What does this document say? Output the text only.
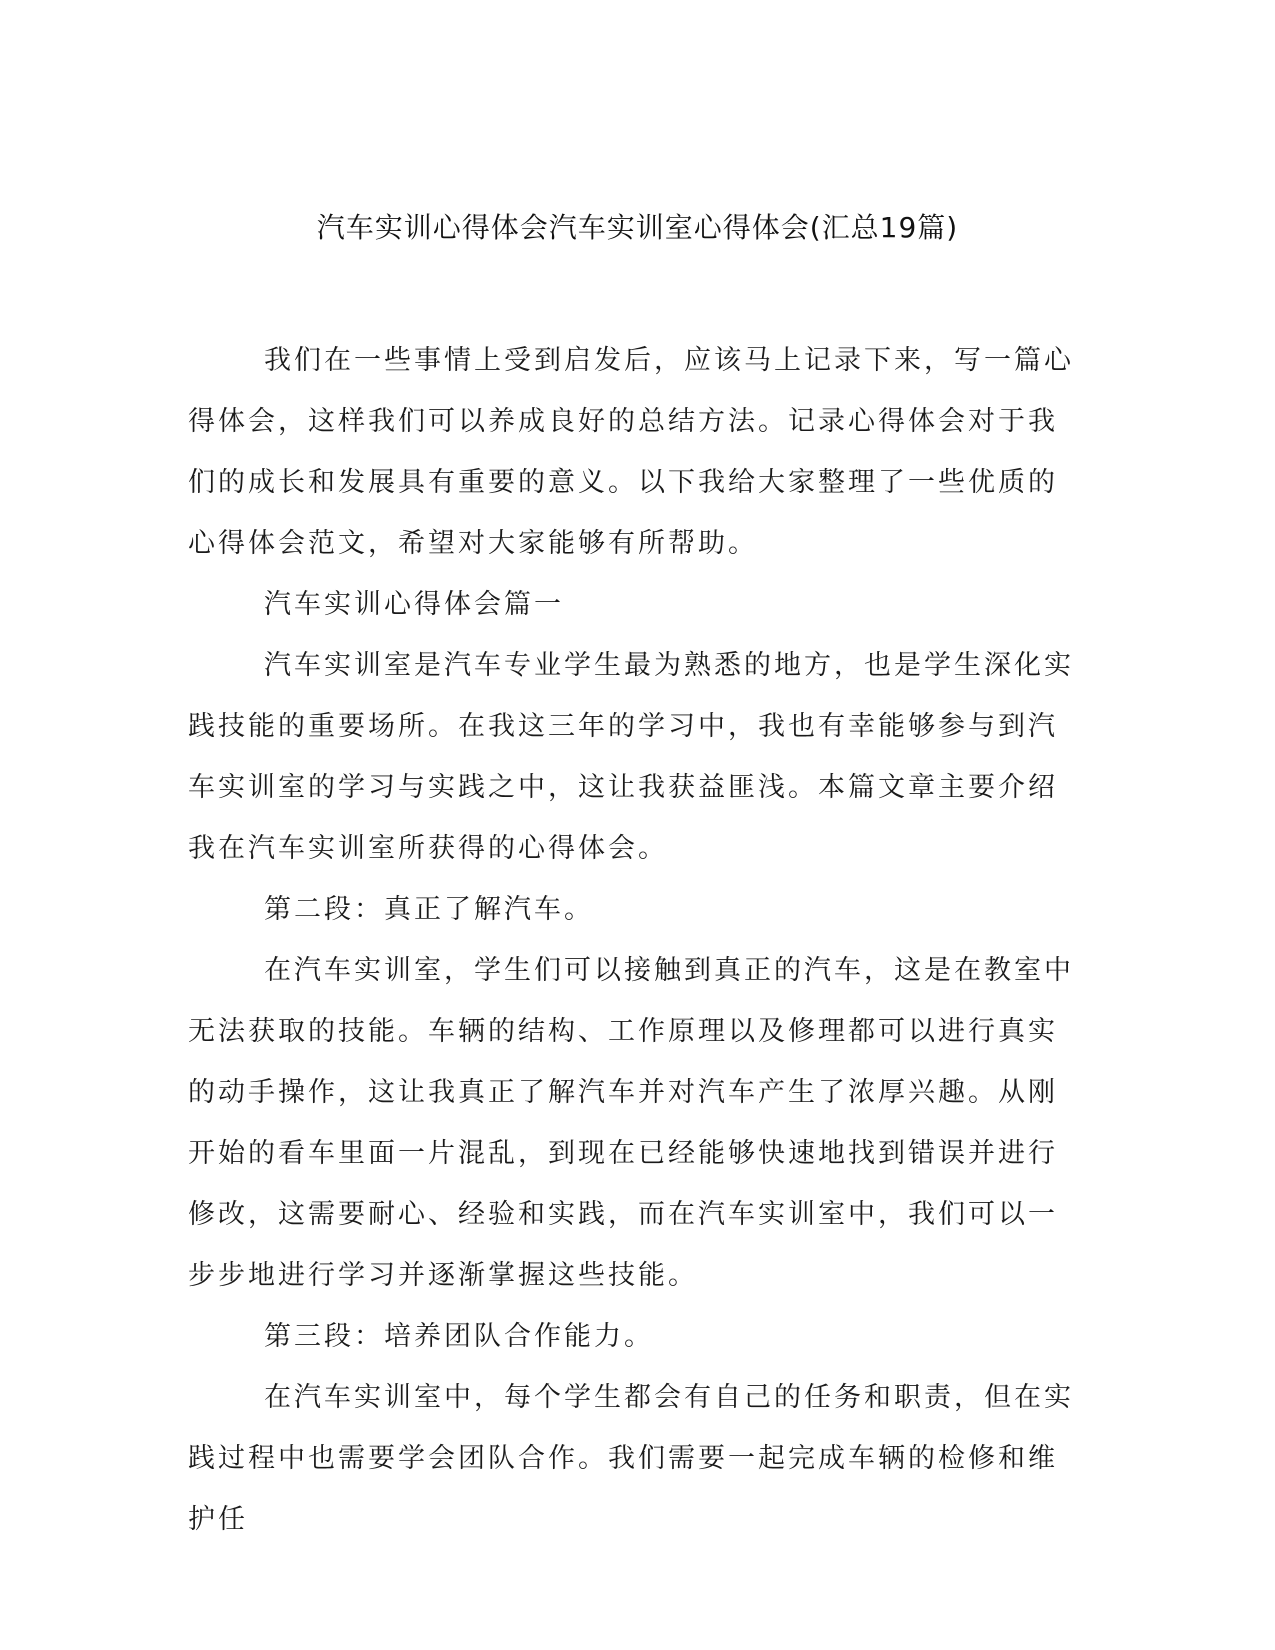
汽车实训心得体会汽车实训室心得体会(汇总19篇)

我们在一些事情上受到启发后，应该马上记录下来，写一篇心得体会，这样我们可以养成良好的总结方法。记录心得体会对于我们的成长和发展具有重要的意义。以下我给大家整理了一些优质的心得体会范文，希望对大家能够有所帮助。

汽车实训心得体会篇一

汽车实训室是汽车专业学生最为熟悉的地方，也是学生深化实践技能的重要场所。在我这三年的学习中，我也有幸能够参与到汽车实训室的学习与实践之中，这让我获益匪浅。本篇文章主要介绍我在汽车实训室所获得的心得体会。

第二段：真正了解汽车。

在汽车实训室，学生们可以接触到真正的汽车，这是在教室中无法获取的技能。车辆的结构、工作原理以及修理都可以进行真实的动手操作，这让我真正了解汽车并对汽车产生了浓厚兴趣。从刚开始的看车里面一片混乱，到现在已经能够快速地找到错误并进行修改，这需要耐心、经验和实践，而在汽车实训室中，我们可以一步步地进行学习并逐渐掌握这些技能。

第三段：培养团队合作能力。

在汽车实训室中，每个学生都会有自己的任务和职责，但在实践过程中也需要学会团队合作。我们需要一起完成车辆的检修和维护任
